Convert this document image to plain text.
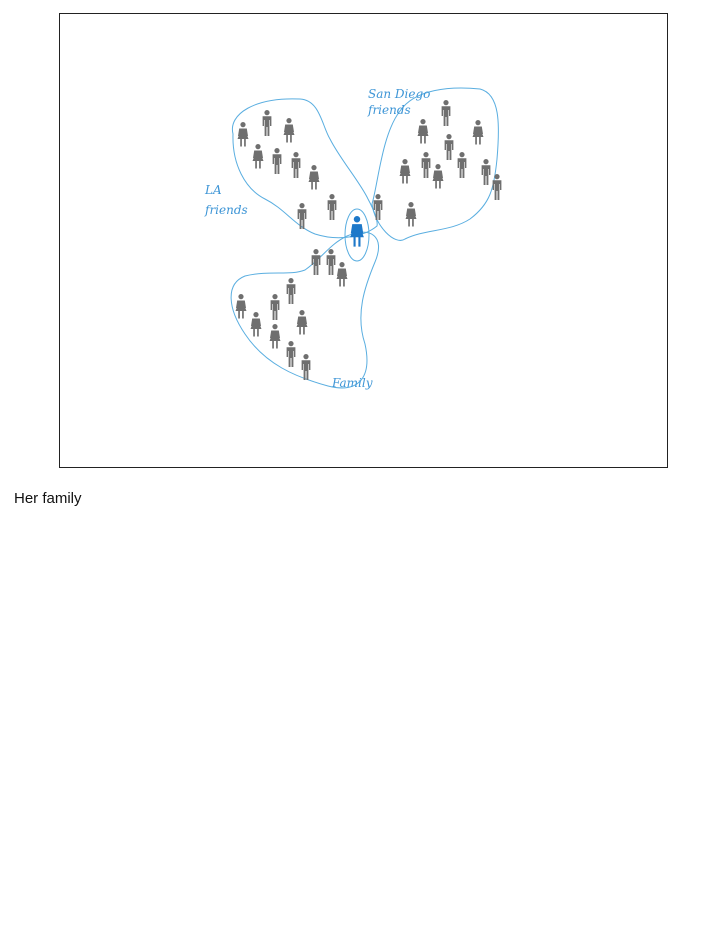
San Diego
friends
LA
friends
Family
Her family
